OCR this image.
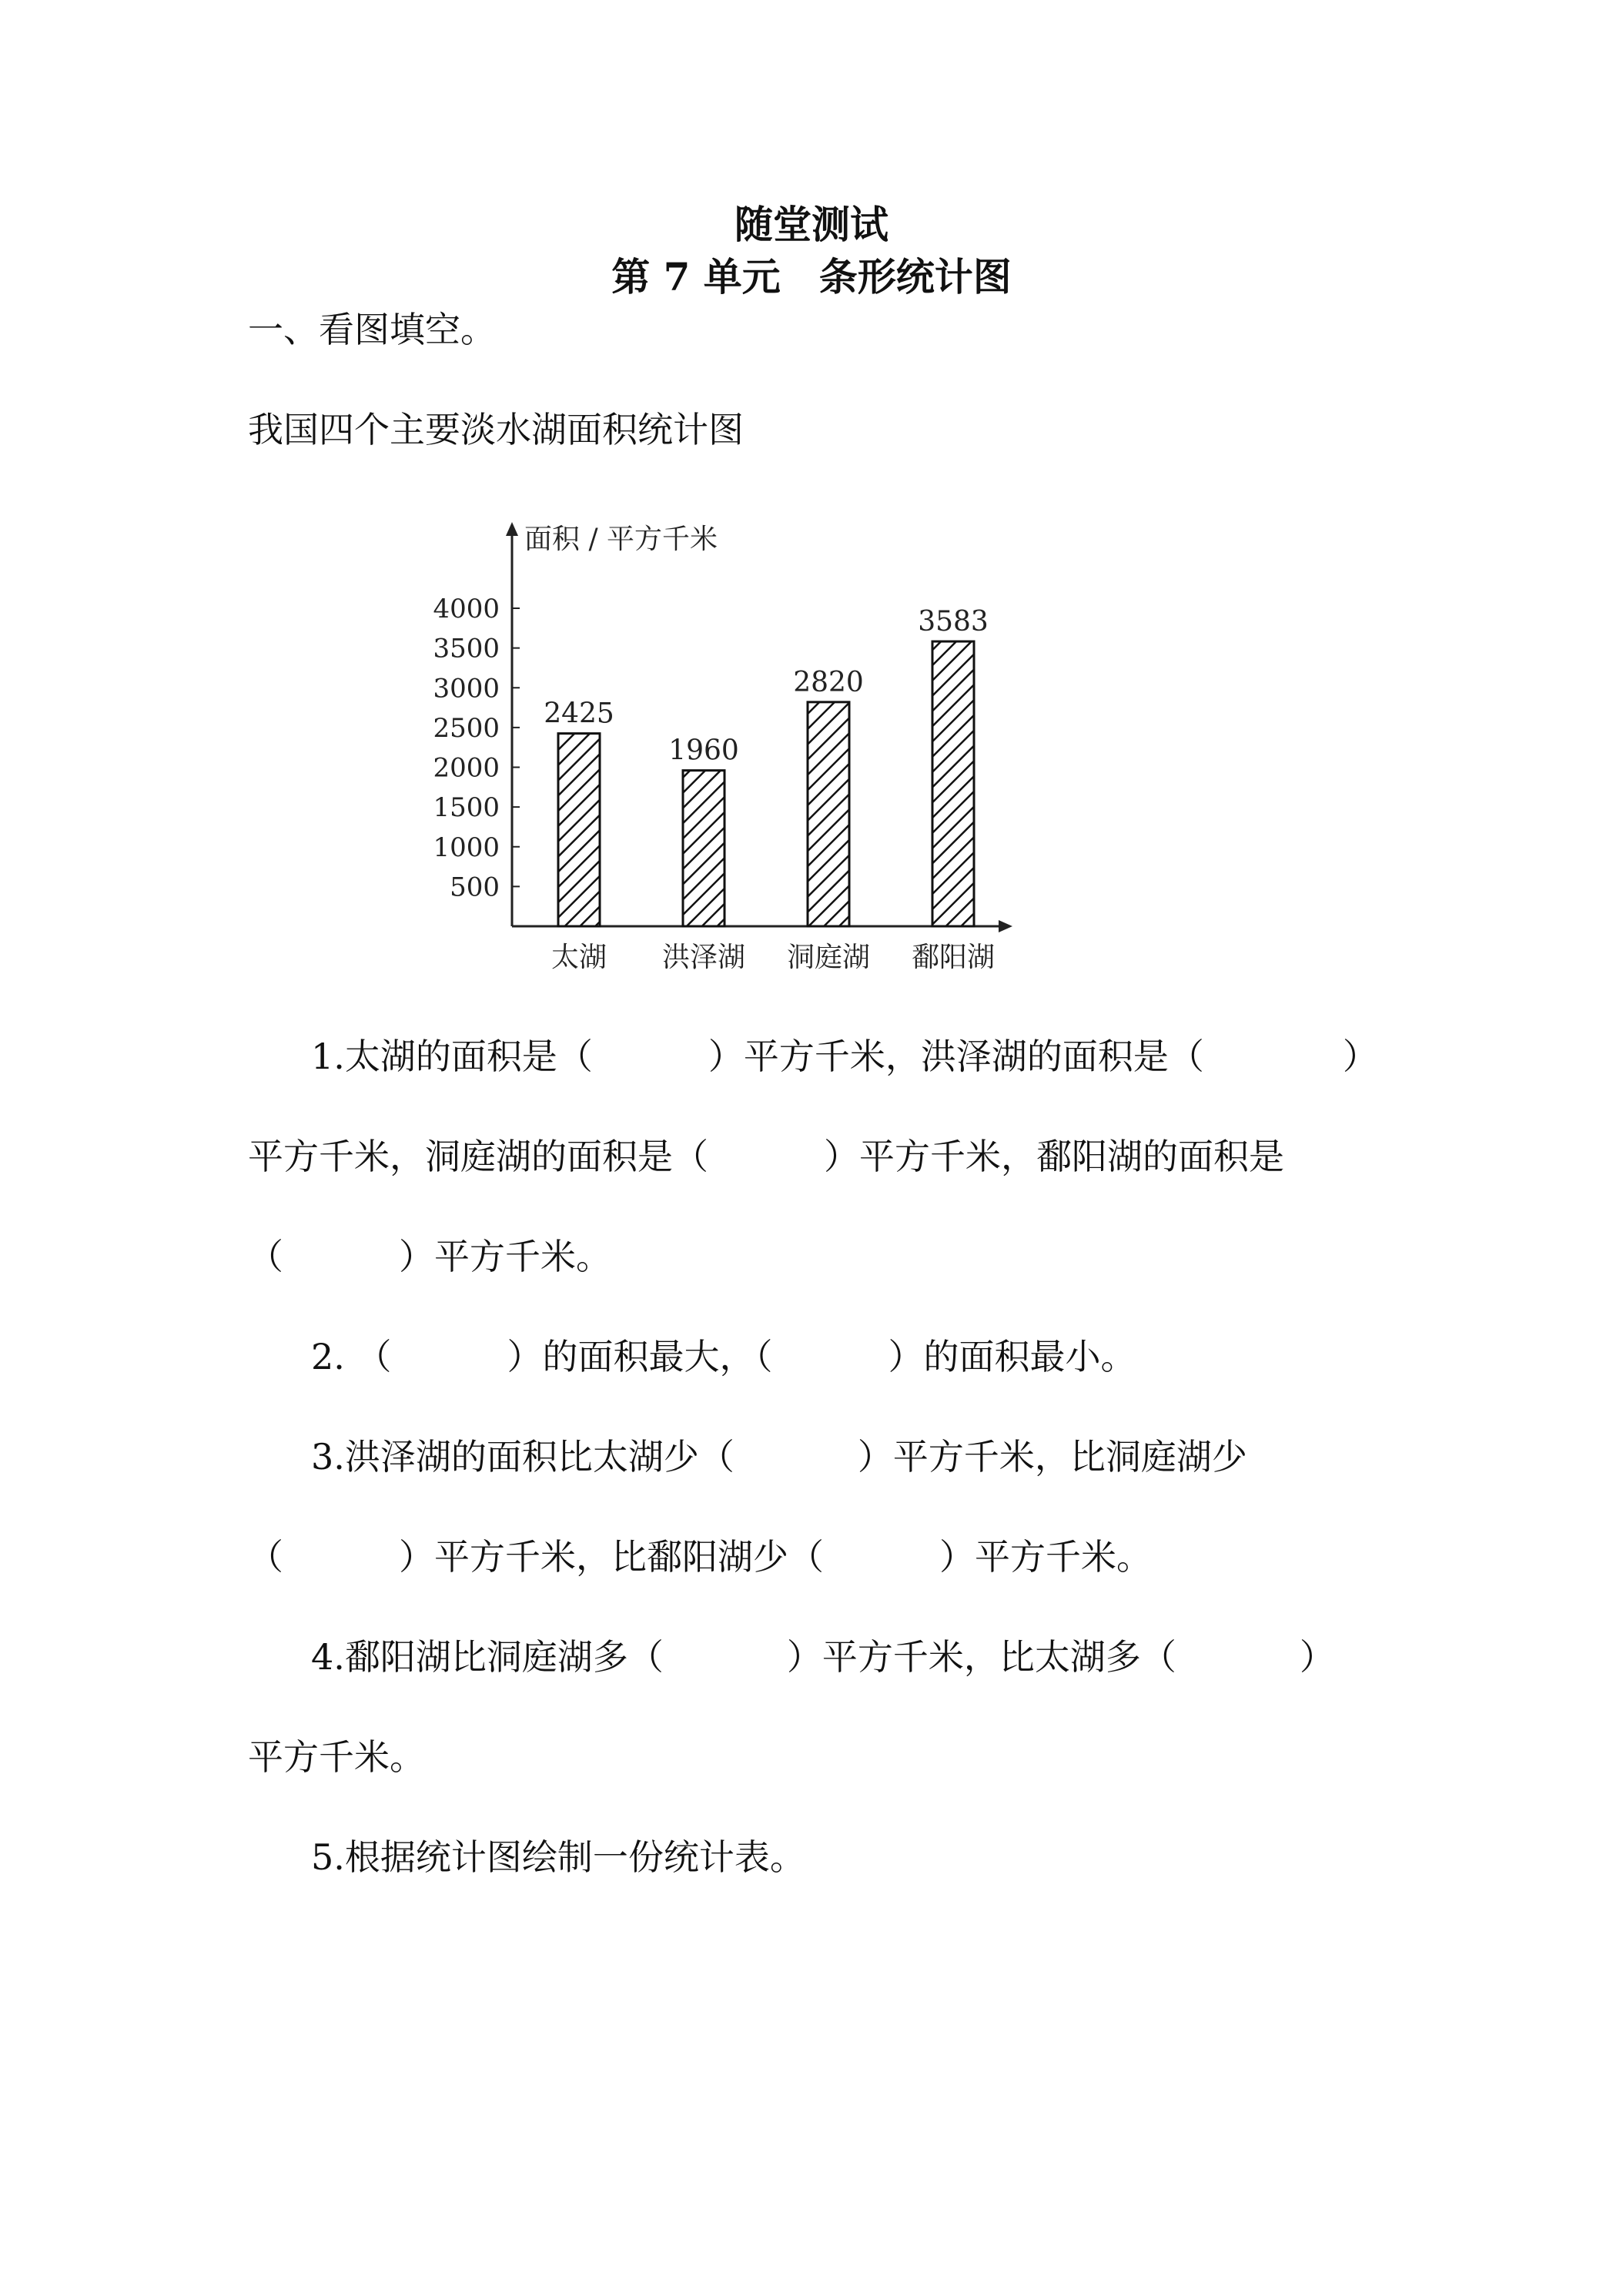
随堂测试
第 7 单元　条形统计图
一、看图填空。
我国四个主要淡水湖面积统计图
面积 / 平方千米
500
1000
1500
2000
2500
3000
3500
4000
2425
太湖
1960
洪泽湖
2820
洞庭湖
3583
鄱阳湖
1.太湖的面积是（	）平方千米，洪泽湖的面积是（	）
平方千米，洞庭湖的面积是（	）平方千米，鄱阳湖的面积是
（	）平方千米。
2. （	）的面积最大，（	）的面积最小。
3.洪泽湖的面积比太湖少（	）平方千米，比洞庭湖少
（	）平方千米，比鄱阳湖少（	）平方千米。
4.鄱阳湖比洞庭湖多（	）平方千米，比太湖多（	）
平方千米。
5.根据统计图绘制一份统计表。
